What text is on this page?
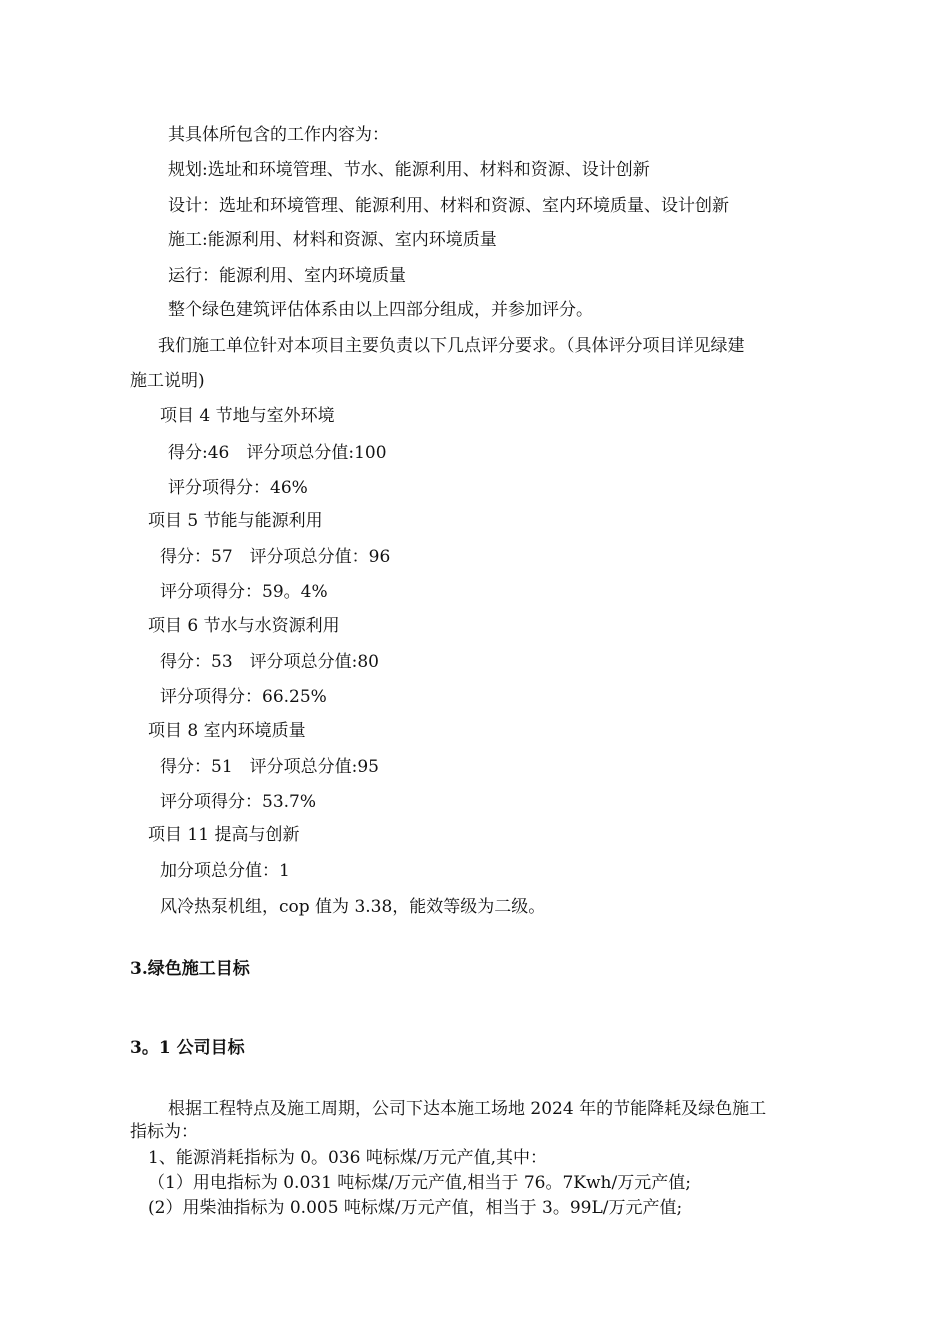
其具体所包含的工作内容为：
规划:选址和环境管理、节水、能源利用、材料和资源、设计创新
设计：选址和环境管理、能源利用、材料和资源、室内环境质量、设计创新
施工:能源利用、材料和资源、室内环境质量
运行：能源利用、室内环境质量
整个绿色建筑评估体系由以上四部分组成，并参加评分。
我们施工单位针对本项目主要负责以下几点评分要求。（具体评分项目详见绿建
施工说明)
项目 4 节地与室外环境
得分:46　评分项总分值:100
评分项得分：46%
项目 5 节能与能源利用
得分：57　评分项总分值：96
评分项得分：59。4%
项目 6 节水与水资源利用
得分：53　评分项总分值:80
评分项得分：66.25%
项目 8 室内环境质量
得分：51　评分项总分值:95
评分项得分：53.7%
项目 11 提高与创新
加分项总分值：1
风冷热泵机组，cop 值为 3.38，能效等级为二级。
3.绿色施工目标
3。1 公司目标
根据工程特点及施工周期，公司下达本施工场地 2024 年的节能降耗及绿色施工
指标为：
1、能源消耗指标为 0。036 吨标煤/万元产值,其中：
（1）用电指标为 0.031 吨标煤/万元产值,相当于 76。7Kwh/万元产值;
(2）用柴油指标为 0.005 吨标煤/万元产值，相当于 3。99L/万元产值;
